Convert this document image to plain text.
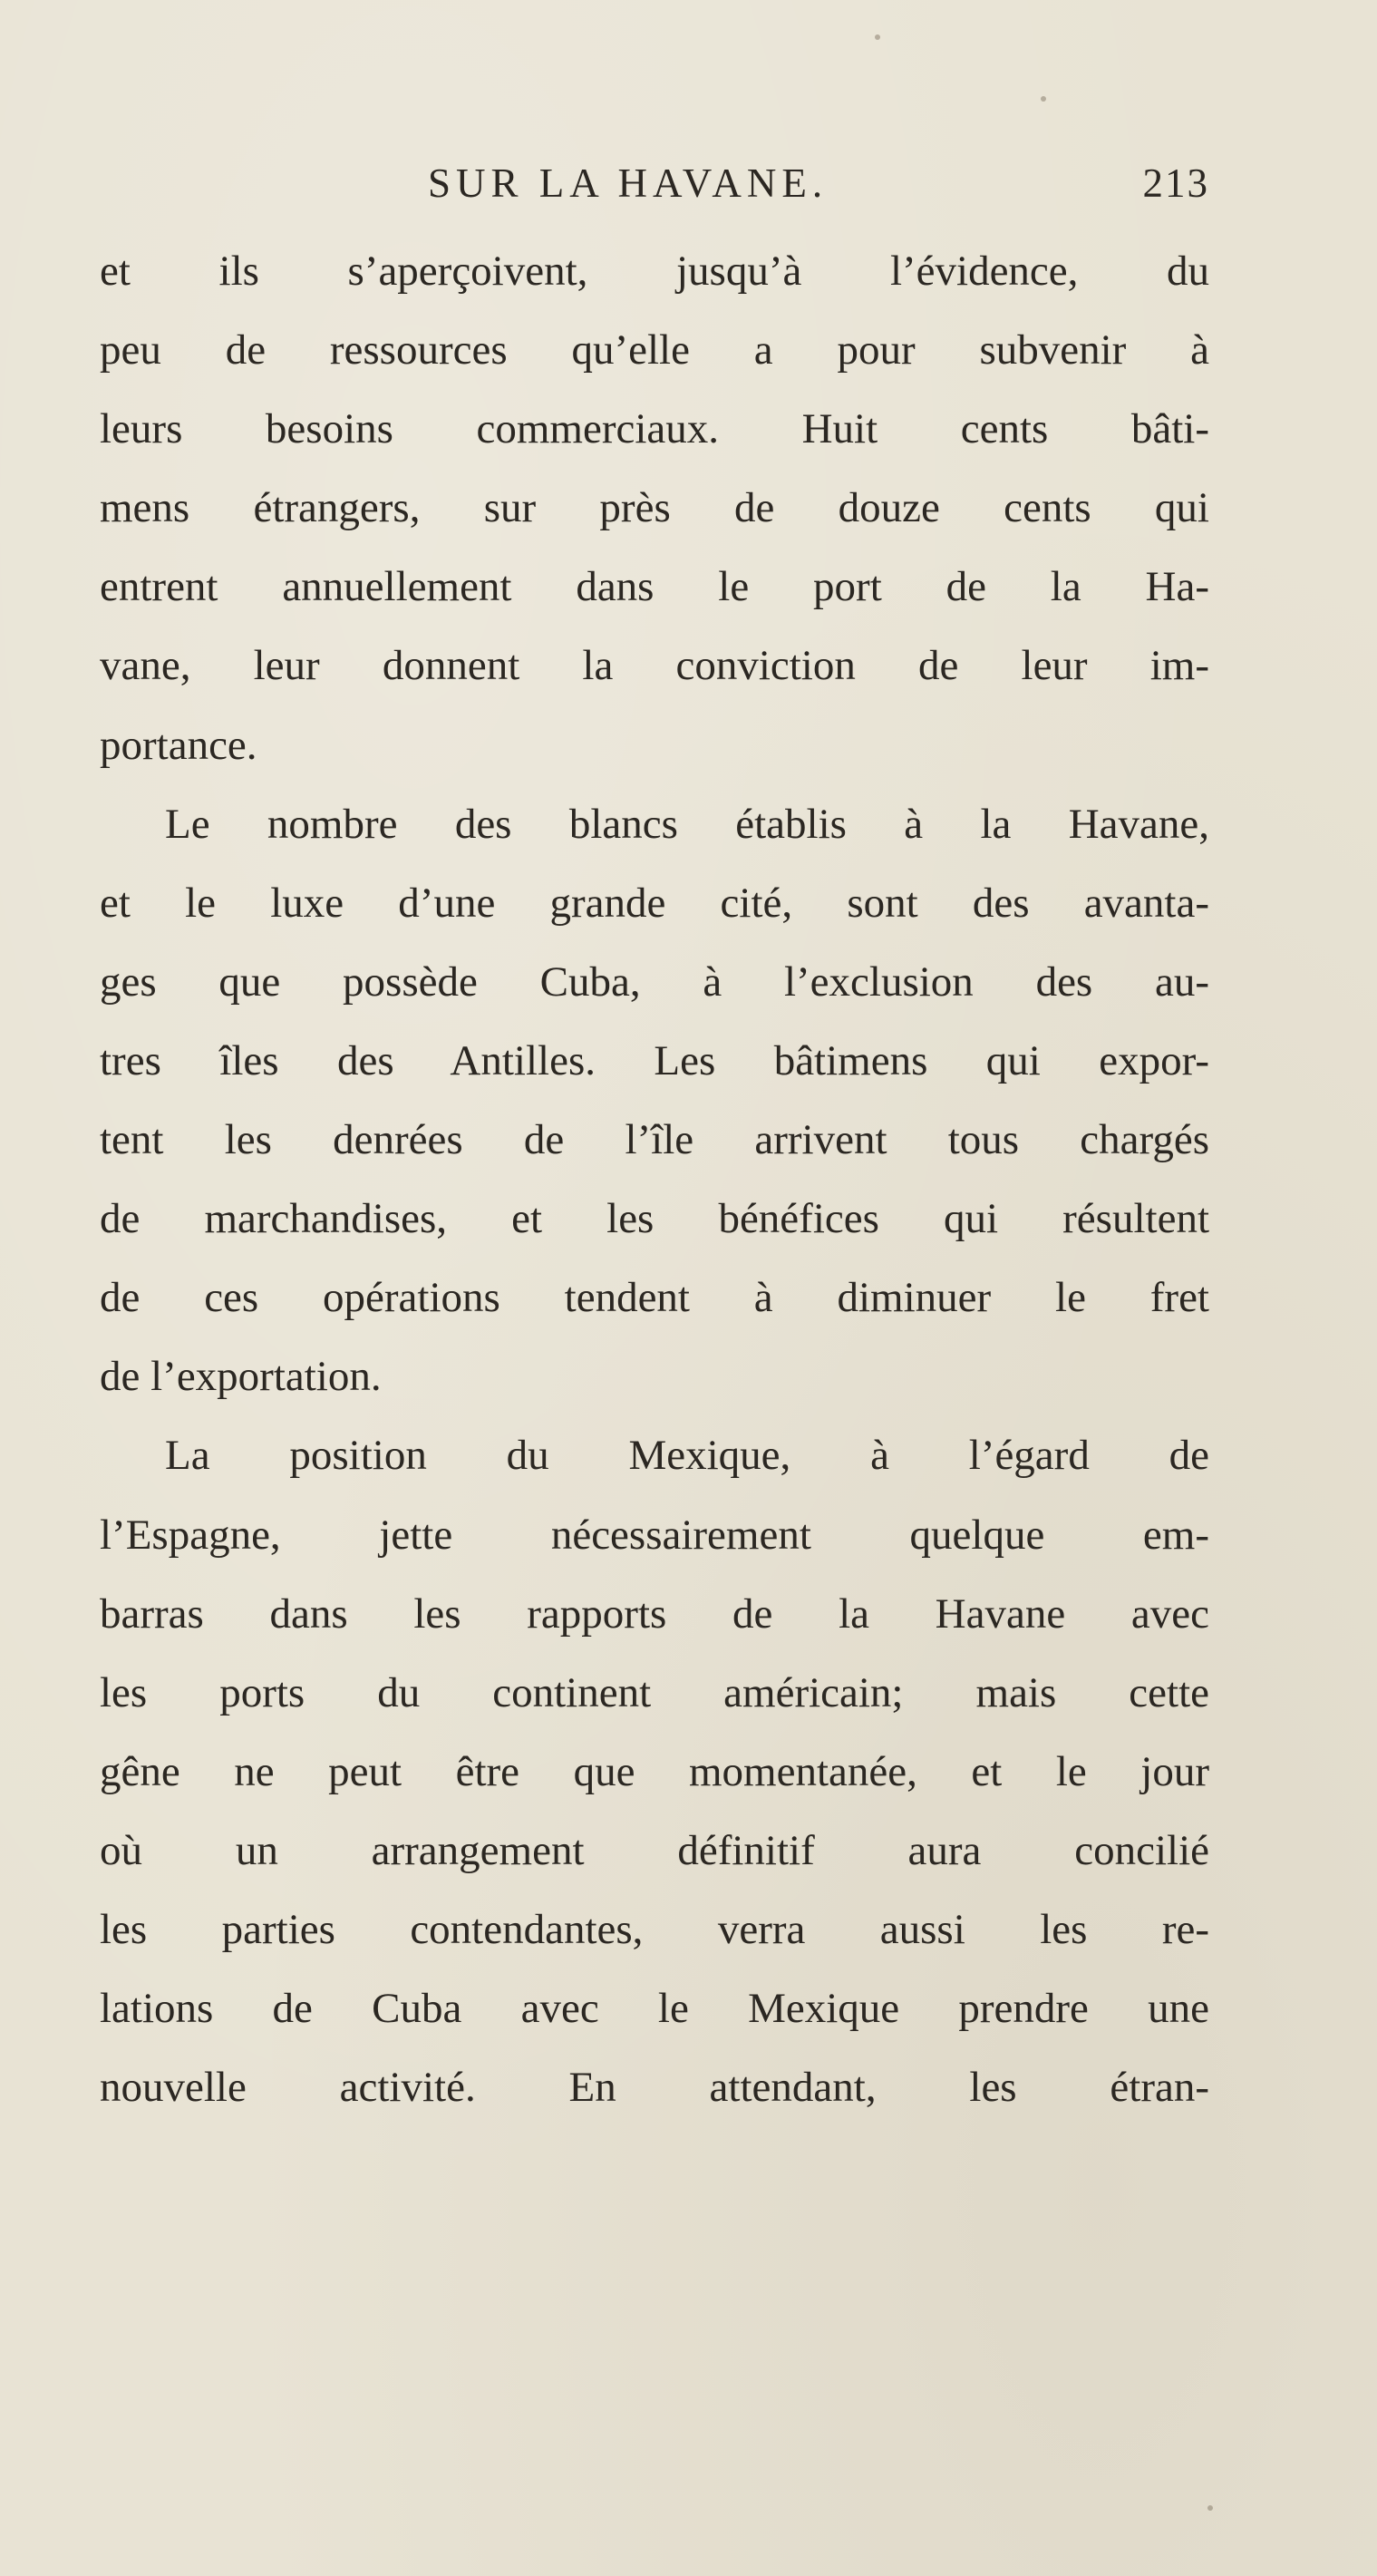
SUR LA HAVANE.	213
et ils s’aperçoivent, jusqu’à l’évidence, du
peu de ressources qu’elle a pour subvenir à
leurs besoins commerciaux. Huit cents bâti-
mens étrangers, sur près de douze cents qui
entrent annuellement dans le port de la Ha-
vane, leur donnent la conviction de leur im-
portance.
Le nombre des blancs établis à la Havane,
et le luxe d’une grande cité, sont des avanta-
ges que possède Cuba, à l’exclusion des au-
tres îles des Antilles. Les bâtimens qui expor-
tent les denrées de l’île arrivent tous chargés
de marchandises, et les bénéfices qui résultent
de ces opérations tendent à diminuer le fret
de l’exportation.
La position du Mexique, à l’égard de
l’Espagne, jette nécessairement quelque em-
barras dans les rapports de la Havane avec
les ports du continent américain; mais cette
gêne ne peut être que momentanée, et le jour
où un arrangement définitif aura concilié
les parties contendantes, verra aussi les re-
lations de Cuba avec le Mexique prendre une
nouvelle activité. En attendant, les étran-
